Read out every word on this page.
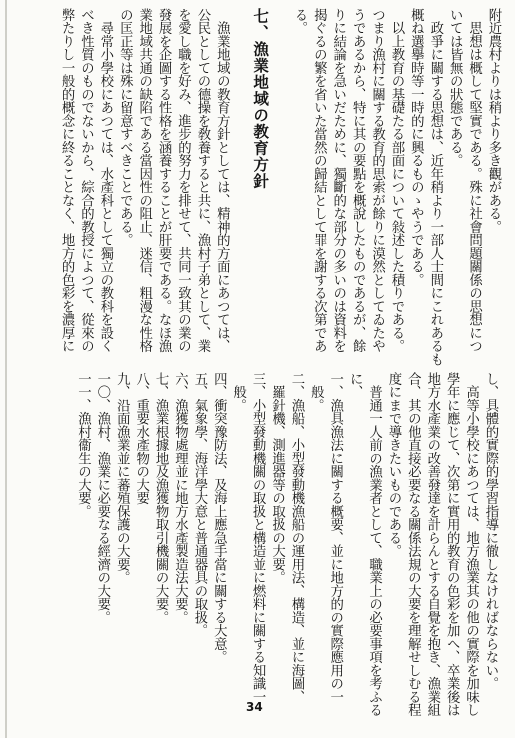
附近農村よりは稍より多き觀がある。
　思想は概して堅實である。殊に社會問題關係の思想につ
いては皆無の狀態である。
　政爭に關する思想は、近年稍より一部人士間にこれあるも
概ね選擧時等一時的に興るものゝやうである。
　以上教育の基礎たる部面について敍述した積りである。
つまり漁村に關する教育的思索が餘りに漠然としてゐたや
うであるから、特に其の要點を概說したものであるが、餘
りに結論を急いだために、獨斷的な部分の多いのは資料を
揭ぐるの繁を省いた當然の歸結として罪を謝する次第であ
る。

七、漁業地域の教育方針

　漁業地域の教育方針としては、精神的方面にあつては、
公民としての德操を敎養すると共に、漁村子弟として、業
を愛し職を好み、進步的努力を排せて、共同一致其の業の
發展を企圖する性格を涵養することが肝要である。なほ漁
業地域共通の缺陷である當因性の阻止、迷信、粗漫な性格
の匡正等は殊に留意すべきことである。
　尋常小學校にあつては、水產科として獨立の教科を設く
べき性質のものでないから、綜合的教授によつて、從來の
弊たりし一般的概念に終ることなく、地方的色彩を濃厚に
し、具體的實際的學習指導に徹しなければならない。
　高等小學校にあつては、地方漁業其の他の實際を加味し
學年に應じて、次第に實用的教育の色彩を加へ、卒業後は
地方水產業の改善發達を計らんとする自覺を抱き、漁業組
合、其の他直接必要なる關係法規の大要を理解せしむる程
度にまで導きたいものである。
　普通一人前の漁業者として、職業上の必要事項を考ふる
に、
一、漁具漁法に關する概要、並に地方的の實際應用の一
　般。
二、漁船、小型發動機漁船の運用法、構造、並に海圖、
　羅針機、測進器等の取扱の大要。
三、小型發動機關の取扱と構造並に燃料に關する知識一
　般。
四、衝突豫防法、及海上應急手當に關する大意。
五、氣象學、海洋學大意と普通器具の取扱。
六、漁獲物處理並に地方水產製造法大要。
七、漁業根據地及漁獲物取引機關の大要。
八、重要水產物の大要
九、沿面漁業並に蕃殖保護の大要。
一〇、漁村、漁業に必要なる經濟の大要。
一一、漁村衞生の大要。
34
